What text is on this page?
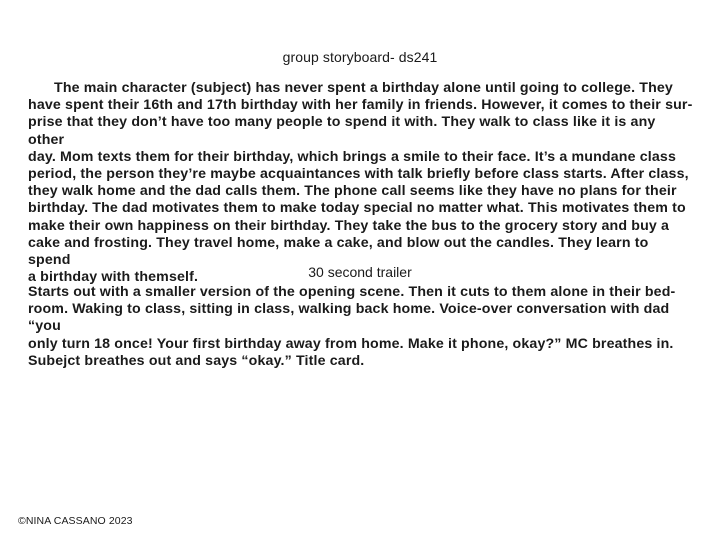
group storyboard- ds241

The main character (subject) has never spent a birthday alone until going to college. They
have spent their 16th and 17th birthday with her family in friends. However, it comes to their sur-
prise that they don’t have too many people to spend it with. They walk to class like it is any other
day. Mom texts them for their birthday, which brings a smile to their face. It’s a mundane class
period, the person they’re maybe acquaintances with talk briefly before class starts. After class,
they walk home and the dad calls them. The phone call seems like they have no plans for their
birthday. The dad motivates them to make today special no matter what. This motivates them to
make their own happiness on their birthday. They take the bus to the grocery story and buy a
cake and frosting. They travel home, make a cake, and blow out the candles. They learn to spend
a birthday with themself.	30 second trailer

Starts out with a smaller version of the opening scene. Then it cuts to them alone in their bed-
room. Waking to class, sitting in class, walking back home. Voice-over conversation with dad “you
only turn 18 once! Your first birthday away from home. Make it phone, okay?” MC breathes in.
Subejct breathes out and says “okay.” Title card.

©NINA CASSANO 2023
